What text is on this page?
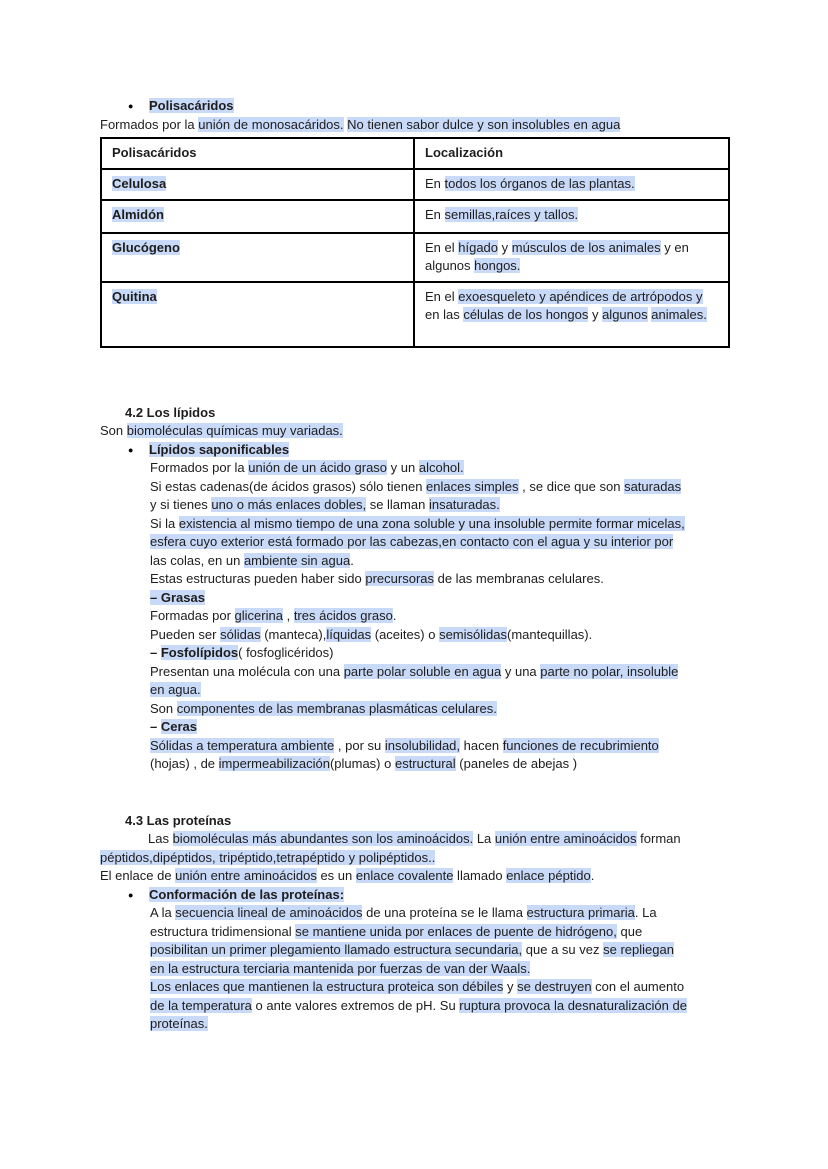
● Polisacáridos
Formados por la unión de monosacáridos. No tienen sabor dulce y son insolubles en agua
Polisacáridos	Localización
Celulosa	En todos los órganos de las plantas.
Almidón	En semillas,raíces y tallos.
Glucógeno	En el hígado y músculos de los animales y en algunos hongos.
Quitina	En el exoesqueleto y apéndices de artrópodos y en las células de los hongos y algunos animales.
4.2 Los lípidos
Son biomoléculas químicas muy variadas.
● Lípidos saponificables
Formados por la unión de un ácido graso y un alcohol.
Si estas cadenas(de ácidos grasos) sólo tienen enlaces simples , se dice que son saturadas
y si tienes uno o más enlaces dobles, se llaman insaturadas.
Si la existencia al mismo tiempo de una zona soluble y una insoluble permite formar micelas,
esfera cuyo exterior está formado por las cabezas,en contacto con el agua y su interior por
las colas, en un ambiente sin agua.
Estas estructuras pueden haber sido precursoras de las membranas celulares.
– Grasas
Formadas por glicerina , tres ácidos graso.
Pueden ser sólidas (manteca),líquidas (aceites) o semisólidas(mantequillas).
– Fosfolípidos( fosfoglicéridos)
Presentan una molécula con una parte polar soluble en agua y una parte no polar, insoluble
en agua.
Son componentes de las membranas plasmáticas celulares.
– Ceras
Sólidas a temperatura ambiente , por su insolubilidad, hacen funciones de recubrimiento
(hojas) , de impermeabilización(plumas) o estructural (paneles de abejas )
4.3 Las proteínas
Las biomoléculas más abundantes son los aminoácidos. La unión entre aminoácidos forman
péptidos,dipéptidos, tripéptido,tetrapéptido y polipéptidos..
El enlace de unión entre aminoácidos es un enlace covalente llamado enlace péptido.
● Conformación de las proteínas:
A la secuencia lineal de aminoácidos de una proteína se le llama estructura primaria. La
estructura tridimensional se mantiene unida por enlaces de puente de hidrógeno, que
posibilitan un primer plegamiento llamado estructura secundaria, que a su vez se repliegan
en la estructura terciaria mantenida por fuerzas de van der Waals.
Los enlaces que mantienen la estructura proteica son débiles y se destruyen con el aumento
de la temperatura o ante valores extremos de pH. Su ruptura provoca la desnaturalización de
proteínas.
